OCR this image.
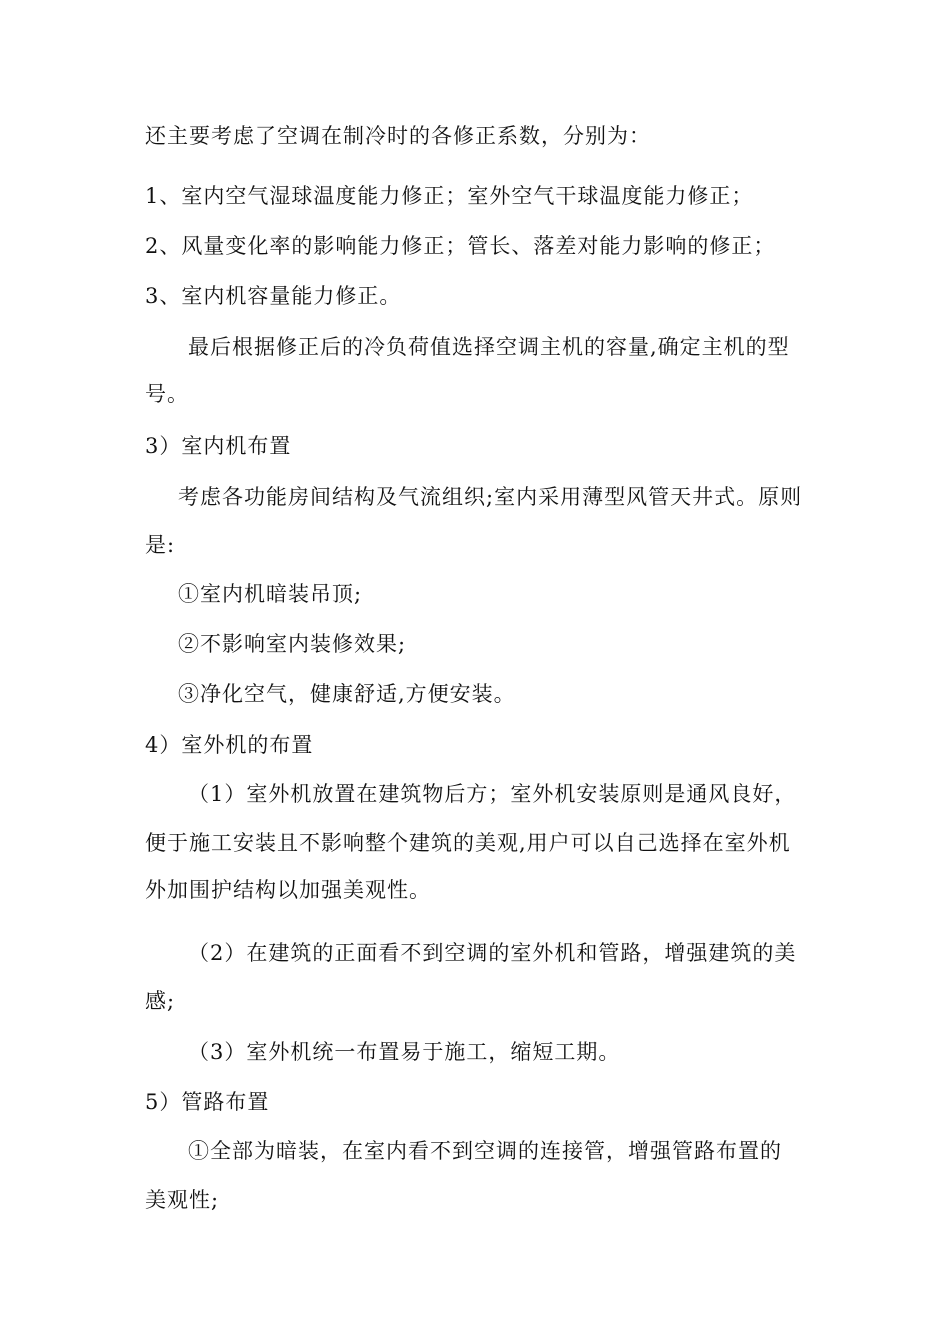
还主要考虑了空调在制冷时的各修正系数，分别为：
1、室内空气湿球温度能力修正；室外空气干球温度能力修正；
2、风量变化率的影响能力修正；管长、落差对能力影响的修正；
3、室内机容量能力修正。
最后根据修正后的冷负荷值选择空调主机的容量,确定主机的型
号。
3）室内机布置
考虑各功能房间结构及气流组织;室内采用薄型风管天井式。原则
是:
①室内机暗装吊顶;
②不影响室内装修效果;
③净化空气，健康舒适,方便安装。
4）室外机的布置
（1）室外机放置在建筑物后方；室外机安装原则是通风良好，
便于施工安装且不影响整个建筑的美观,用户可以自己选择在室外机
外加围护结构以加强美观性。
（2）在建筑的正面看不到空调的室外机和管路，增强建筑的美
感;
（3）室外机统一布置易于施工，缩短工期。
5）管路布置
①全部为暗装，在室内看不到空调的连接管，增强管路布置的
美观性;
